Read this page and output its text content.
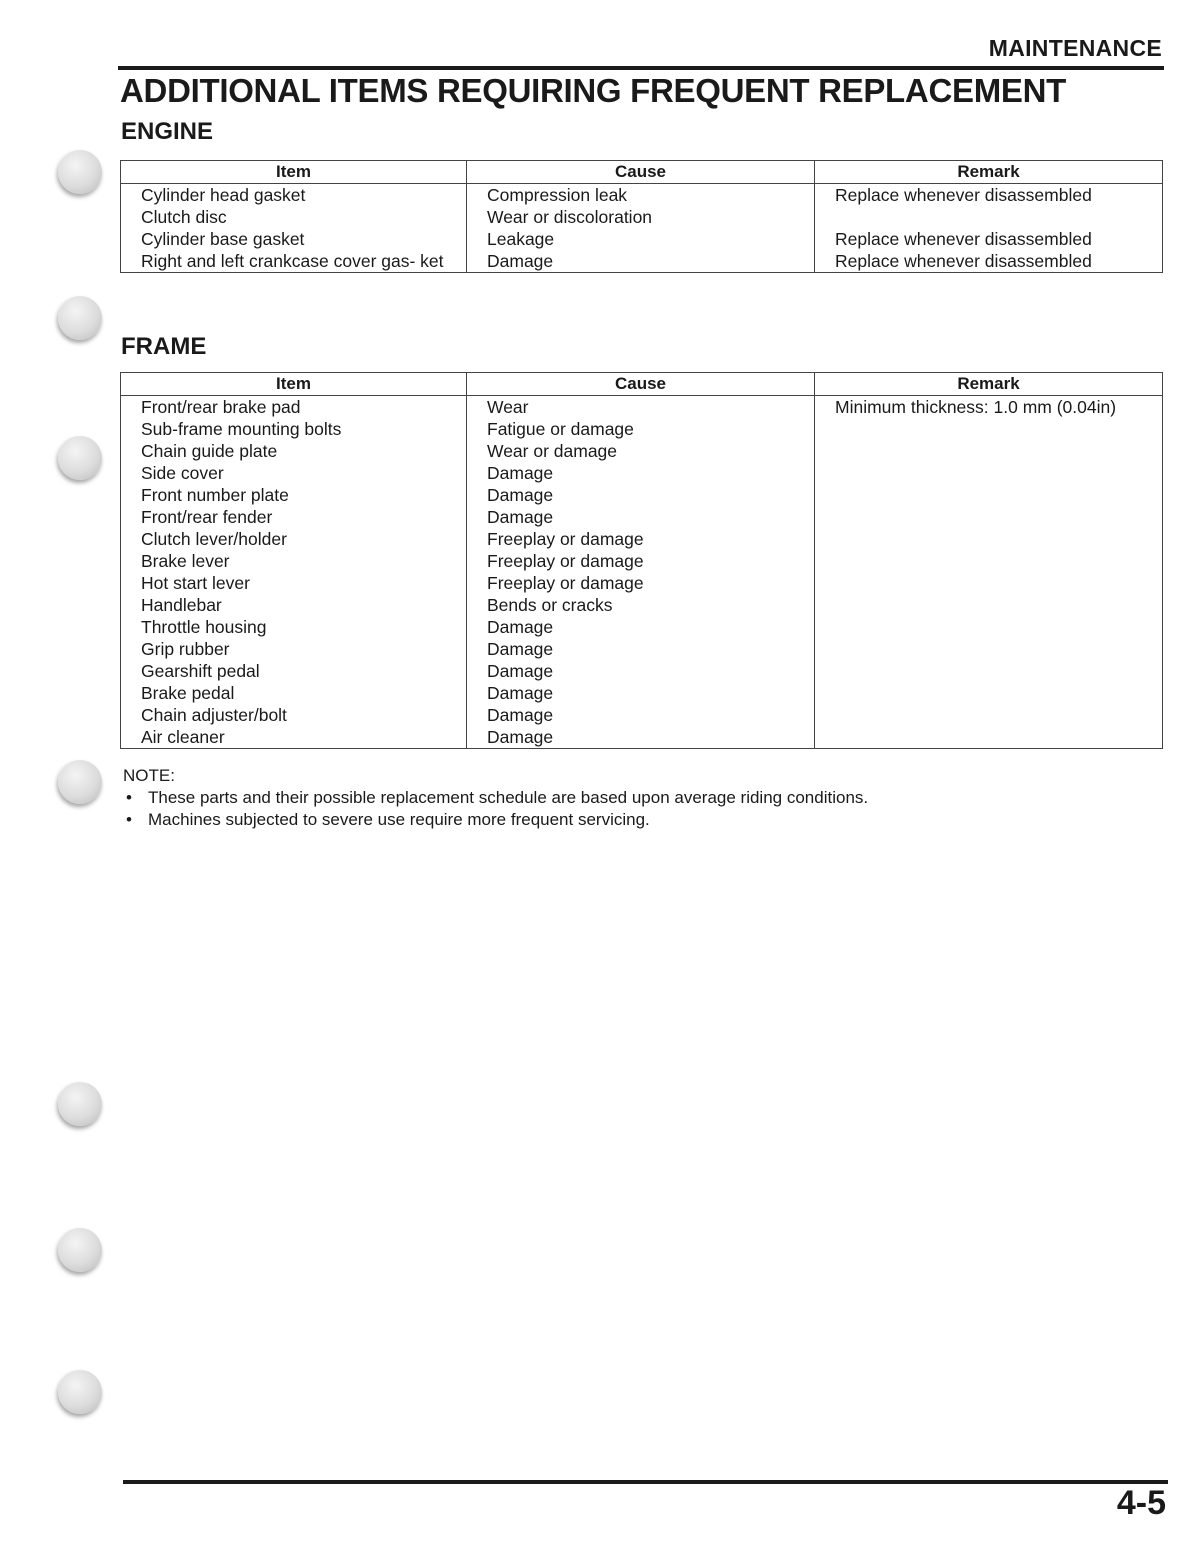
MAINTENANCE
ADDITIONAL ITEMS REQUIRING FREQUENT REPLACEMENT
ENGINE
Item	Cause	Remark
Cylinder head gasket	Compression leak	Replace whenever disassembled
Clutch disc	Wear or discoloration	
Cylinder base gasket	Leakage	Replace whenever disassembled
Right and left crankcase cover gas- ket	Damage	Replace whenever disassembled
FRAME
Item	Cause	Remark
Front/rear brake pad	Wear	Minimum thickness: 1.0 mm (0.04in)
Sub-frame mounting bolts	Fatigue or damage	
Chain guide plate	Wear or damage	
Side cover	Damage	
Front number plate	Damage	
Front/rear fender	Damage	
Clutch lever/holder	Freeplay or damage	
Brake lever	Freeplay or damage	
Hot start lever	Freeplay or damage	
Handlebar	Bends or cracks	
Throttle housing	Damage	
Grip rubber	Damage	
Gearshift pedal	Damage	
Brake pedal	Damage	
Chain adjuster/bolt	Damage	
Air cleaner	Damage	
NOTE:
• These parts and their possible replacement schedule are based upon average riding conditions.
• Machines subjected to severe use require more frequent servicing.
4-5
